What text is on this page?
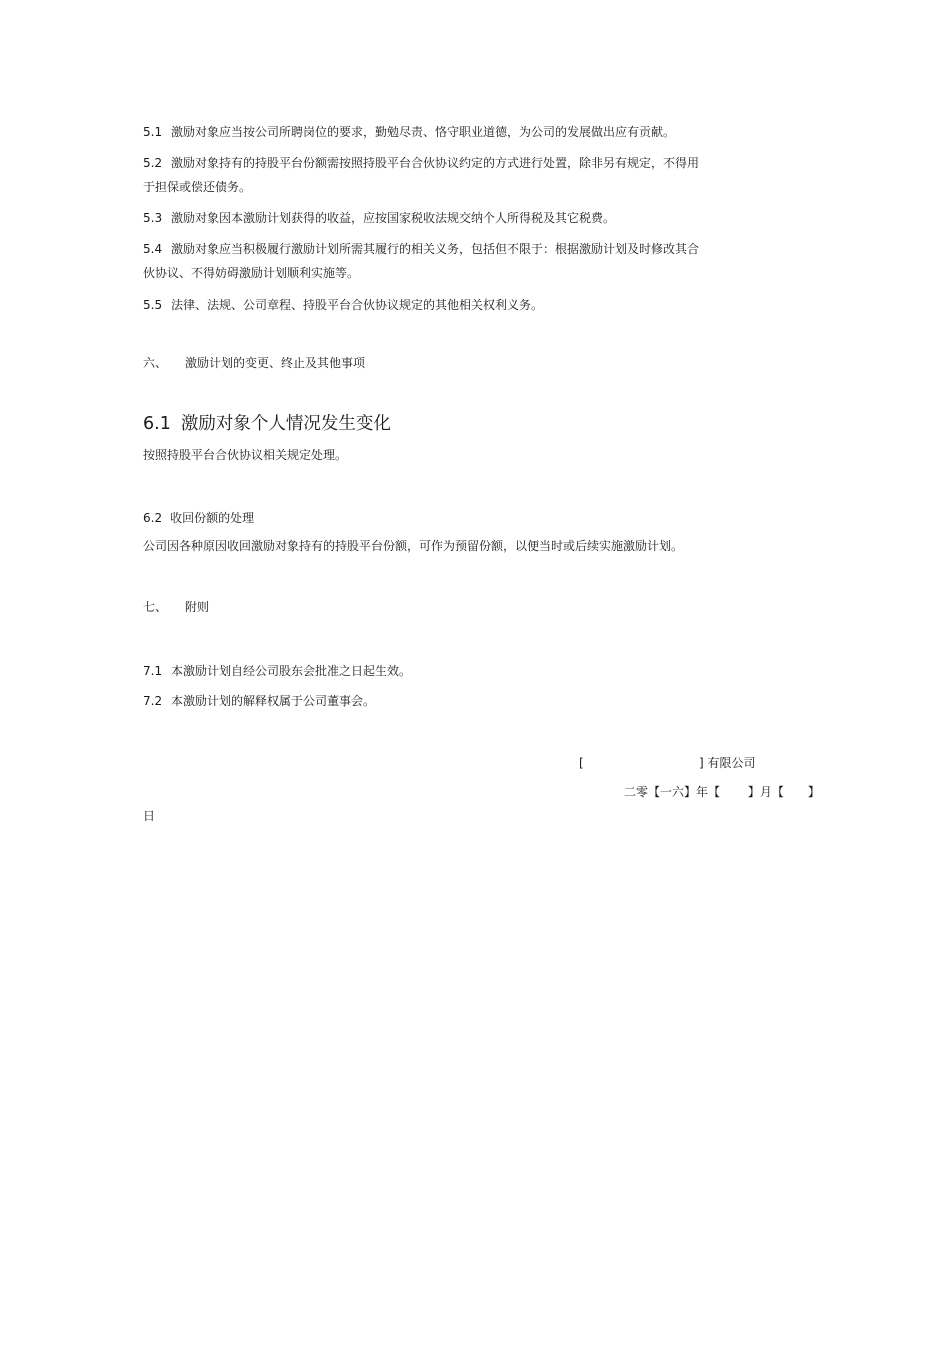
5.1 激励对象应当按公司所聘岗位的要求，勤勉尽责、恪守职业道德，为公司的发展做出应有贡献。
5.2 激励对象持有的持股平台份额需按照持股平台合伙协议约定的方式进行处置，除非另有规定，不得用
于担保或偿还债务。
5.3 激励对象因本激励计划获得的收益，应按国家税收法规交纳个人所得税及其它税费。
5.4 激励对象应当积极履行激励计划所需其履行的相关义务，包括但不限于：根据激励计划及时修改其合
伙协议、不得妨碍激励计划顺利实施等。
5.5 法律、法规、公司章程、持股平台合伙协议规定的其他相关权利义务。
六、 激励计划的变更、终止及其他事项
6.1 激励对象个人情况发生变化
按照持股平台合伙协议相关规定处理。
6.2 收回份额的处理
公司因各种原因收回激励对象持有的持股平台份额，可作为预留份额，以便当时或后续实施激励计划。
七、 附则
7.1 本激励计划自经公司股东会批准之日起生效。
7.2 本激励计划的解释权属于公司董事会。
[	] 有限公司
二零【一六】年【　　 】月【　　】
日
